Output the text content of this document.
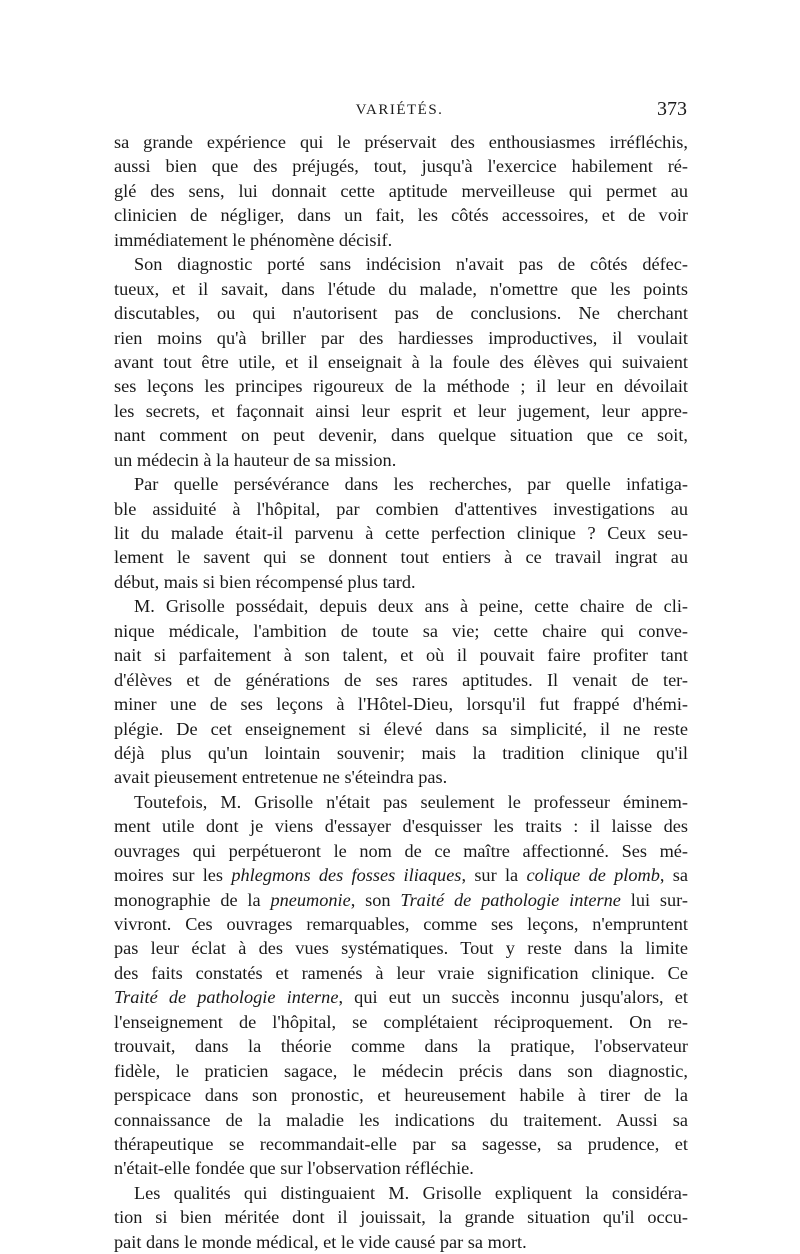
VARIÉTÉS.	373
sa grande expérience qui le préservait des enthousiasmes irréfléchis,
aussi bien que des préjugés, tout, jusqu'à l'exercice habilement ré-
glé des sens, lui donnait cette aptitude merveilleuse qui permet au
clinicien de négliger, dans un fait, les côtés accessoires, et de voir
immédiatement le phénomène décisif.
Son diagnostic porté sans indécision n'avait pas de côtés défec-
tueux, et il savait, dans l'étude du malade, n'omettre que les points
discutables, ou qui n'autorisent pas de conclusions. Ne cherchant
rien moins qu'à briller par des hardiesses improductives, il voulait
avant tout être utile, et il enseignait à la foule des élèves qui suivaient
ses leçons les principes rigoureux de la méthode ; il leur en dévoilait
les secrets, et façonnait ainsi leur esprit et leur jugement, leur appre-
nant comment on peut devenir, dans quelque situation que ce soit,
un médecin à la hauteur de sa mission.
Par quelle persévérance dans les recherches, par quelle infatiga-
ble assiduité à l'hôpital, par combien d'attentives investigations au
lit du malade était-il parvenu à cette perfection clinique ? Ceux seu-
lement le savent qui se donnent tout entiers à ce travail ingrat au
début, mais si bien récompensé plus tard.
M. Grisolle possédait, depuis deux ans à peine, cette chaire de cli-
nique médicale, l'ambition de toute sa vie; cette chaire qui conve-
nait si parfaitement à son talent, et où il pouvait faire profiter tant
d'élèves et de générations de ses rares aptitudes. Il venait de ter-
miner une de ses leçons à l'Hôtel-Dieu, lorsqu'il fut frappé d'hémi-
plégie. De cet enseignement si élevé dans sa simplicité, il ne reste
déjà plus qu'un lointain souvenir; mais la tradition clinique qu'il
avait pieusement entretenue ne s'éteindra pas.
Toutefois, M. Grisolle n'était pas seulement le professeur éminem-
ment utile dont je viens d'essayer d'esquisser les traits : il laisse des
ouvrages qui perpétueront le nom de ce maître affectionné. Ses mé-
moires sur les phlegmons des fosses iliaques, sur la colique de plomb, sa
monographie de la pneumonie, son Traité de pathologie interne lui sur-
vivront. Ces ouvrages remarquables, comme ses leçons, n'empruntent
pas leur éclat à des vues systématiques. Tout y reste dans la limite
des faits constatés et ramenés à leur vraie signification clinique. Ce
Traité de pathologie interne, qui eut un succès inconnu jusqu'alors, et
l'enseignement de l'hôpital, se complétaient réciproquement. On re-
trouvait, dans la théorie comme dans la pratique, l'observateur
fidèle, le praticien sagace, le médecin précis dans son diagnostic,
perspicace dans son pronostic, et heureusement habile à tirer de la
connaissance de la maladie les indications du traitement. Aussi sa
thérapeutique se recommandait-elle par sa sagesse, sa prudence, et
n'était-elle fondée que sur l'observation réfléchie.
Les qualités qui distinguaient M. Grisolle expliquent la considéra-
tion si bien méritée dont il jouissait, la grande situation qu'il occu-
pait dans le monde médical, et le vide causé par sa mort.
